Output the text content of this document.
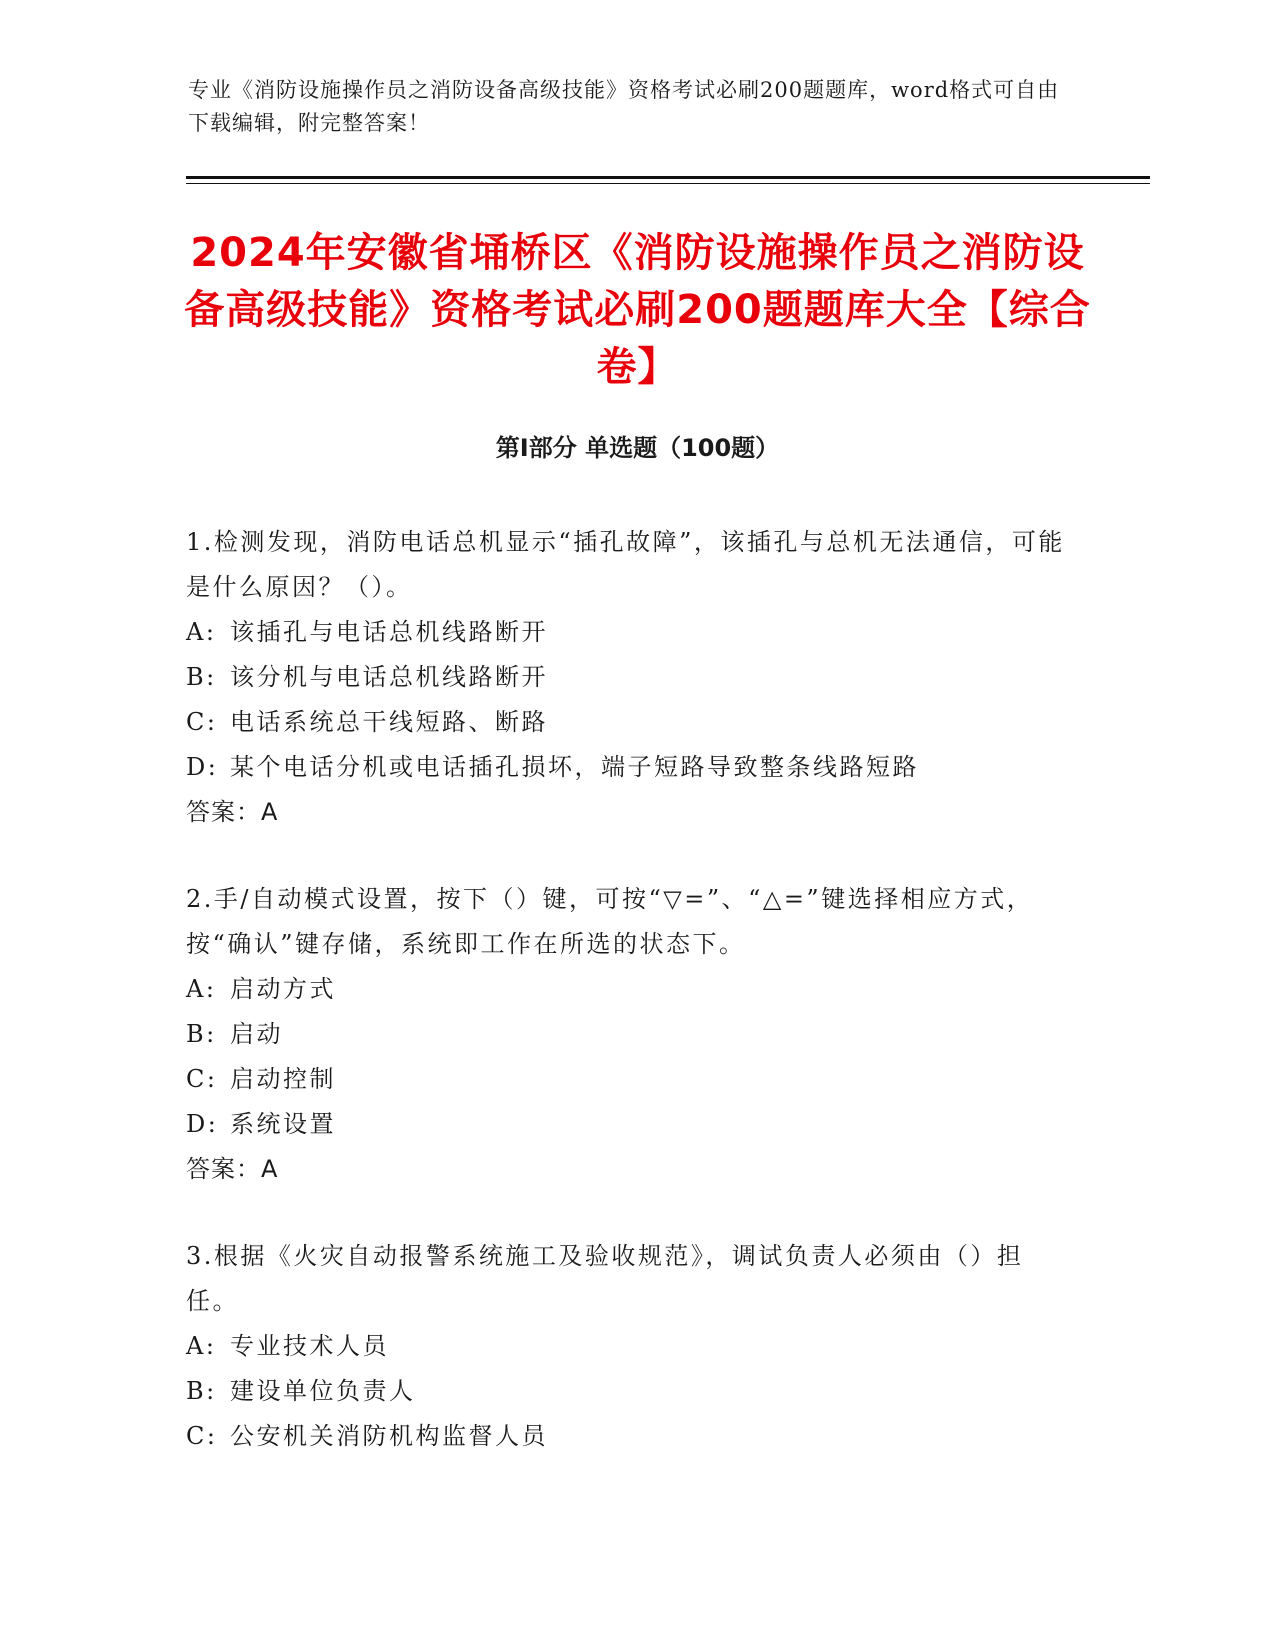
专业《消防设施操作员之消防设备高级技能》资格考试必刷200题题库，word格式可自由下载编辑，附完整答案！
2024年安徽省埇桥区《消防设施操作员之消防设备高级技能》资格考试必刷200题题库大全【综合卷】
第Ⅰ部分 单选题（100题）
1.检测发现，消防电话总机显示“插孔故障”，该插孔与总机无法通信，可能是什么原因？（）。
A: 该插孔与电话总机线路断开
B: 该分机与电话总机线路断开
C: 电话系统总干线短路、断路
D: 某个电话分机或电话插孔损坏，端子短路导致整条线路短路
答案：A
2.手/自动模式设置，按下（）键，可按“▽=”、“△=”键选择相应方式，按“确认”键存储，系统即工作在所选的状态下。
A: 启动方式
B: 启动
C: 启动控制
D: 系统设置
答案：A
3.根据《火灾自动报警系统施工及验收规范》，调试负责人必须由（）担任。
A: 专业技术人员
B: 建设单位负责人
C: 公安机关消防机构监督人员
